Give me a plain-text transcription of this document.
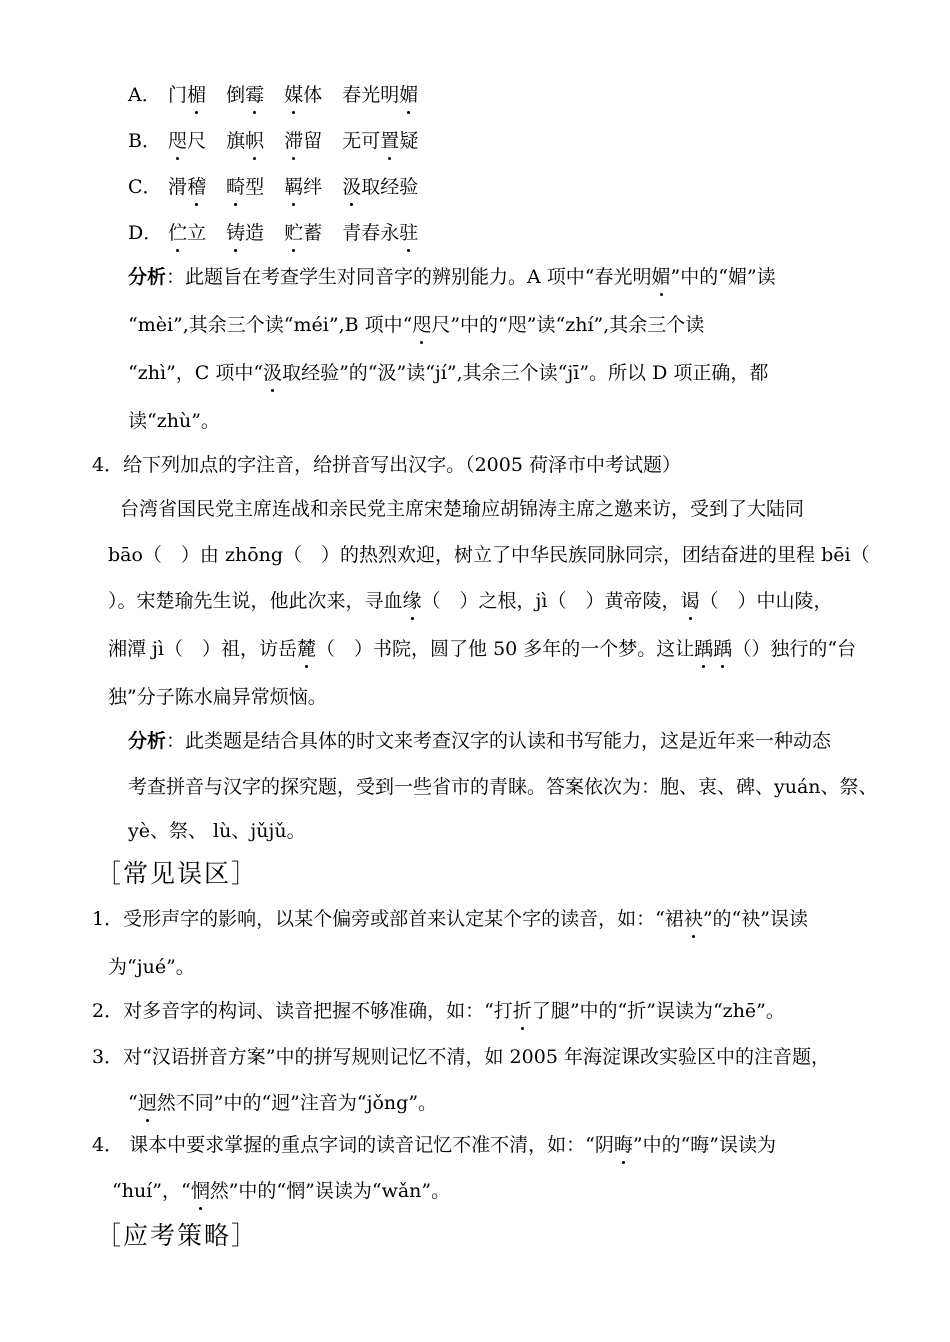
A． 门楣 倒霉 媒体 春光明媚
B． 咫尺 旗帜 滞留 无可置疑
C． 滑稽 畸型 羁绊 汲取经验
D． 伫立 铸造 贮蓄 青春永驻
分析：此题旨在考查学生对同音字的辨别能力。A 项中“春光明媚”中的“媚”读
“mèi”,其余三个读“méi”,B 项中“咫尺”中的“咫”读“zhí”,其余三个读
“zhì”，C 项中“汲取经验”的“汲”读“jí”,其余三个读“jī”。所以 D 项正确，都
读“zhù”。
4．给下列加点的字注音，给拼音写出汉字。（2005 荷泽市中考试题）
台湾省国民党主席连战和亲民党主席宋楚瑜应胡锦涛主席之邀来访，受到了大陆同
bāo（　）由 zhōng（　）的热烈欢迎，树立了中华民族同脉同宗，团结奋进的里程 bēi（
）。宋楚瑜先生说，他此次来，寻血缘（　）之根，jì（　）黄帝陵，谒（　）中山陵，
湘潭 jì（　）祖，访岳麓（　）书院，圆了他 50 多年的一个梦。这让踽踽（）独行的“台
独”分子陈水扁异常烦恼。
分析：此类题是结合具体的时文来考查汉字的认读和书写能力，这是近年来一种动态
考查拼音与汉字的探究题，受到一些省市的青睐。答案依次为：胞、衷、碑、yuán、祭、
yè、祭、 lù、jǔjǔ。
［常见误区］
1．受形声字的影响，以某个偏旁或部首来认定某个字的读音，如：“裙袂”的“袂”误读
为“jué”。
2．对多音字的构词、读音把握不够准确，如：“打折了腿”中的“折”误读为“zhē”。
3．对“汉语拼音方案”中的拼写规则记忆不清，如 2005 年海淀课改实验区中的注音题，
“迥然不同”中的“迥”注音为“jǒng”。
4． 课本中要求掌握的重点字词的读音记忆不准不清，如：“阴晦”中的“晦”误读为
“huí”，“惘然”中的“惘”误读为“wǎn”。
［应考策略］
